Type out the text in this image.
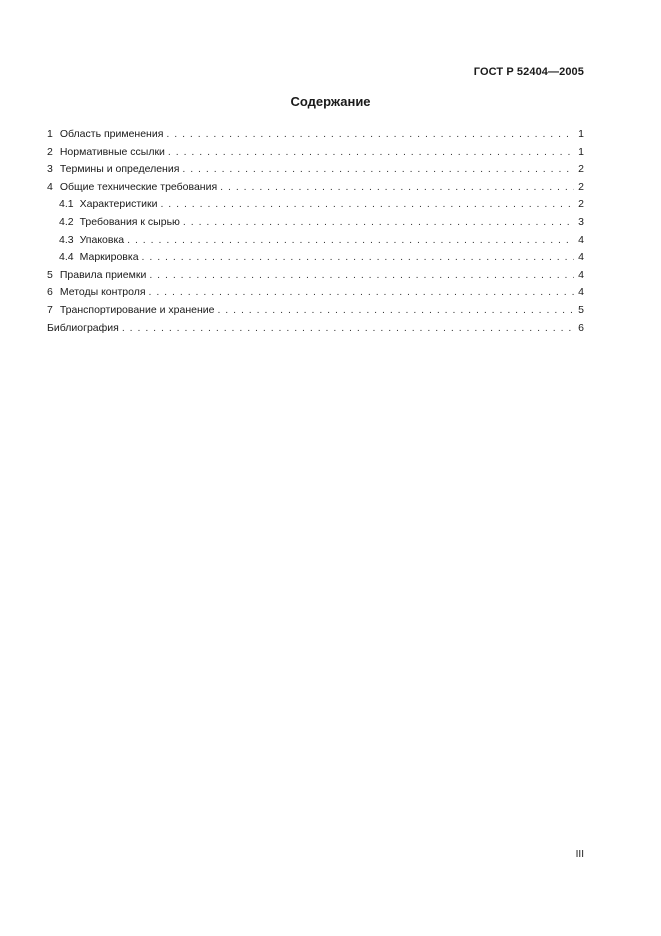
ГОСТ Р 52404—2005
Содержание
1 Область применения . . .	1
2 Нормативные ссылки . . .	1
3 Термины и определения . . .	2
4 Общие технические требования . . .	2
4.1 Характеристики . . .	2
4.2 Требования к сырью . . .	3
4.3 Упаковка . . .	4
4.4 Маркировка . . .	4
5 Правила приемки . . .	4
6 Методы контроля . . .	4
7 Транспортирование и хранение . . .	5
Библиография . . .	6
III
